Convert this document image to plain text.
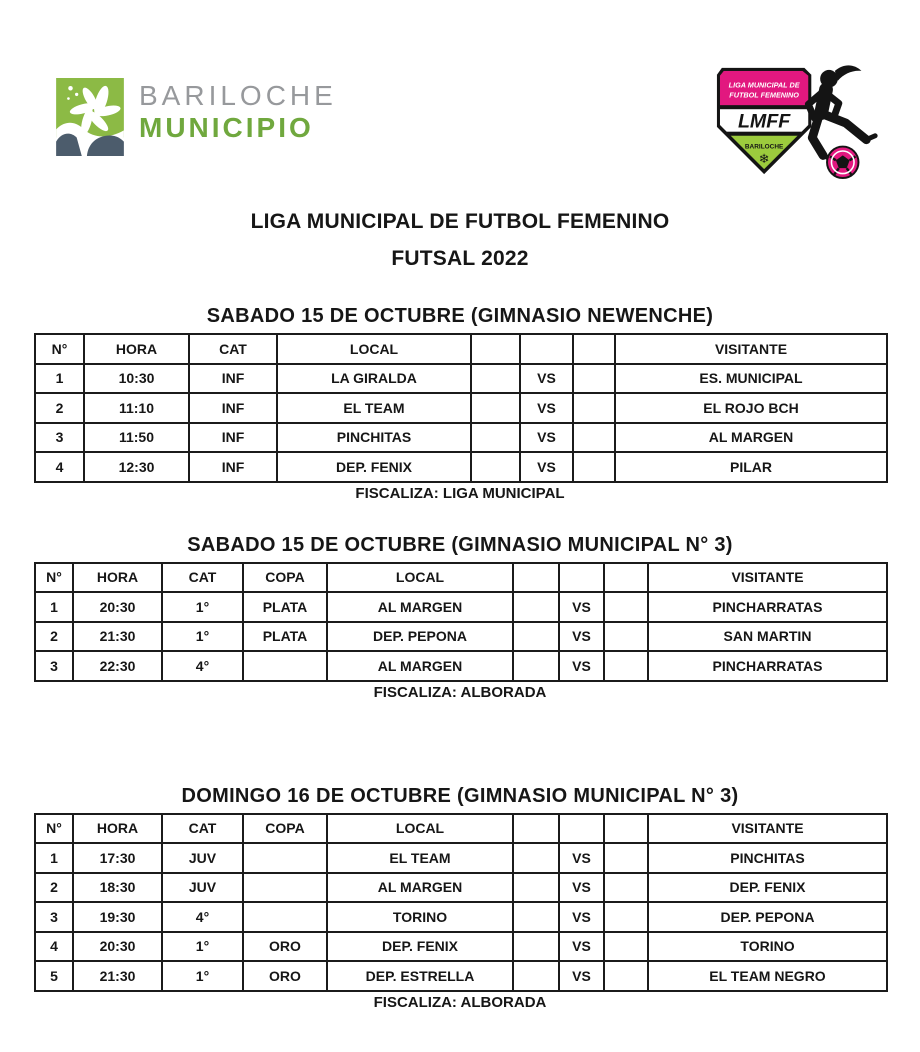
BARILOCHE
MUNICIPIO
LIGA MUNICIPAL DE
FUTBOL FEMENINO
LMFF
BARILOCHE
❄
LIGA MUNICIPAL DE FUTBOL FEMENINO
FUTSAL 2022
SABADO 15 DE OCTUBRE (GIMNASIO NEWENCHE)
N°	HORA	CAT	LOCAL				VISITANTE
1	10:30	INF	LA GIRALDA		VS		ES. MUNICIPAL
2	11:10	INF	EL TEAM		VS		EL ROJO BCH
3	11:50	INF	PINCHITAS		VS		AL MARGEN
4	12:30	INF	DEP. FENIX		VS		PILAR
FISCALIZA: LIGA MUNICIPAL
SABADO 15 DE OCTUBRE (GIMNASIO MUNICIPAL N° 3)
N°	HORA	CAT	COPA	LOCAL				VISITANTE
1	20:30	1°	PLATA	AL MARGEN		VS		PINCHARRATAS
2	21:30	1°	PLATA	DEP. PEPONA		VS		SAN MARTIN
3	22:30	4°		AL MARGEN		VS		PINCHARRATAS
FISCALIZA: ALBORADA
DOMINGO 16 DE OCTUBRE (GIMNASIO MUNICIPAL N° 3)
N°	HORA	CAT	COPA	LOCAL				VISITANTE
1	17:30	JUV		EL TEAM		VS		PINCHITAS
2	18:30	JUV		AL MARGEN		VS		DEP. FENIX
3	19:30	4°		TORINO		VS		DEP. PEPONA
4	20:30	1°	ORO	DEP. FENIX		VS		TORINO
5	21:30	1°	ORO	DEP. ESTRELLA		VS		EL TEAM NEGRO
FISCALIZA: ALBORADA
